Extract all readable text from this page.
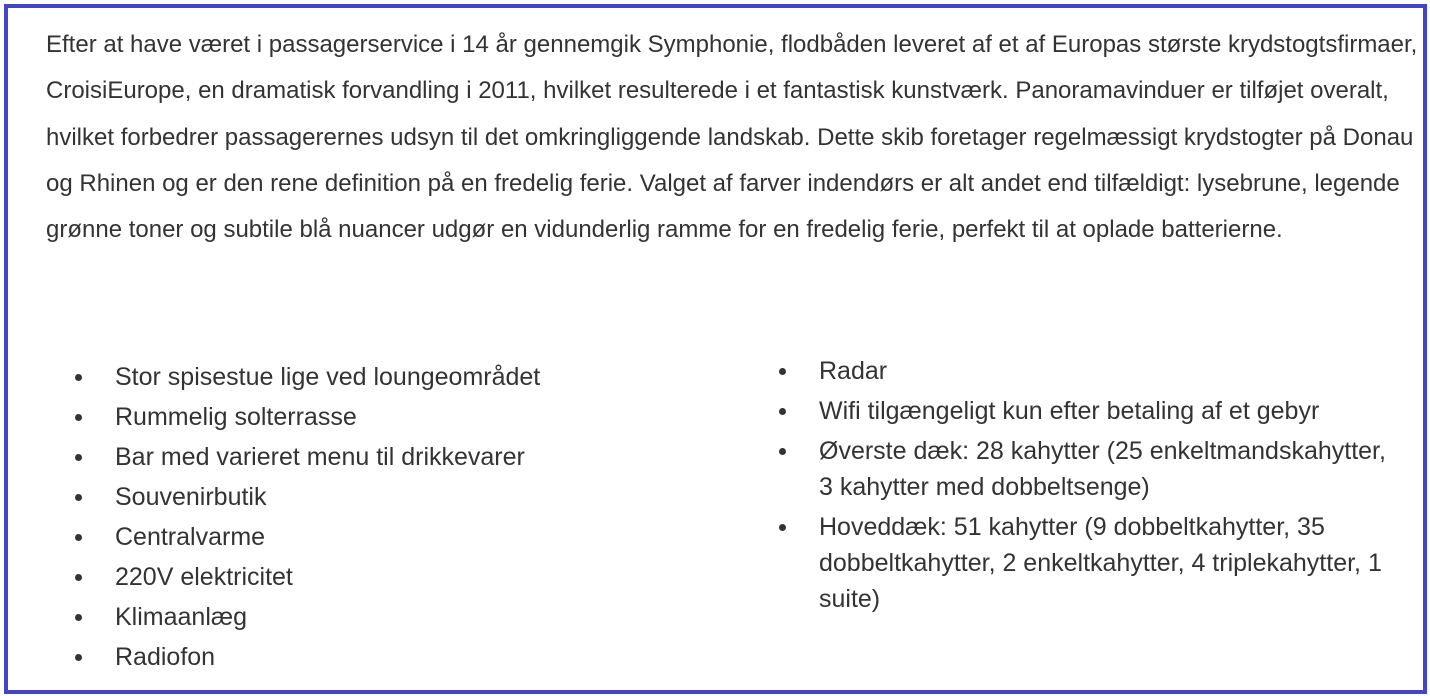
Efter at have været i passagerservice i 14 år gennemgik Symphonie, flodbåden leveret af et af Europas største krydstogtsfirmaer, CroisiEurope, en dramatisk forvandling i 2011, hvilket resulterede i et fantastisk kunstværk. Panoramavinduer er tilføjet overalt, hvilket forbedrer passagerernes udsyn til det omkringliggende landskab. Dette skib foretager regelmæssigt krydstogter på Donau og Rhinen og er den rene definition på en fredelig ferie. Valget af farver indendørs er alt andet end tilfældigt: lysebrune, legende grønne toner og subtile blå nuancer udgør en vidunderlig ramme for en fredelig ferie, perfekt til at oplade batterierne.

Stor spisestue lige ved loungeområdet
Rummelig solterrasse
Bar med varieret menu til drikkevarer
Souvenirbutik
Centralvarme
220V elektricitet
Klimaanlæg
Radiofon
Radar
Wifi tilgængeligt kun efter betaling af et gebyr
Øverste dæk: 28 kahytter (25 enkeltmandskahytter, 3 kahytter med dobbeltsenge)
Hoveddæk: 51 kahytter (9 dobbeltkahytter, 35 dobbeltkahytter, 2 enkeltkahytter, 4 triplekahytter, 1 suite)
